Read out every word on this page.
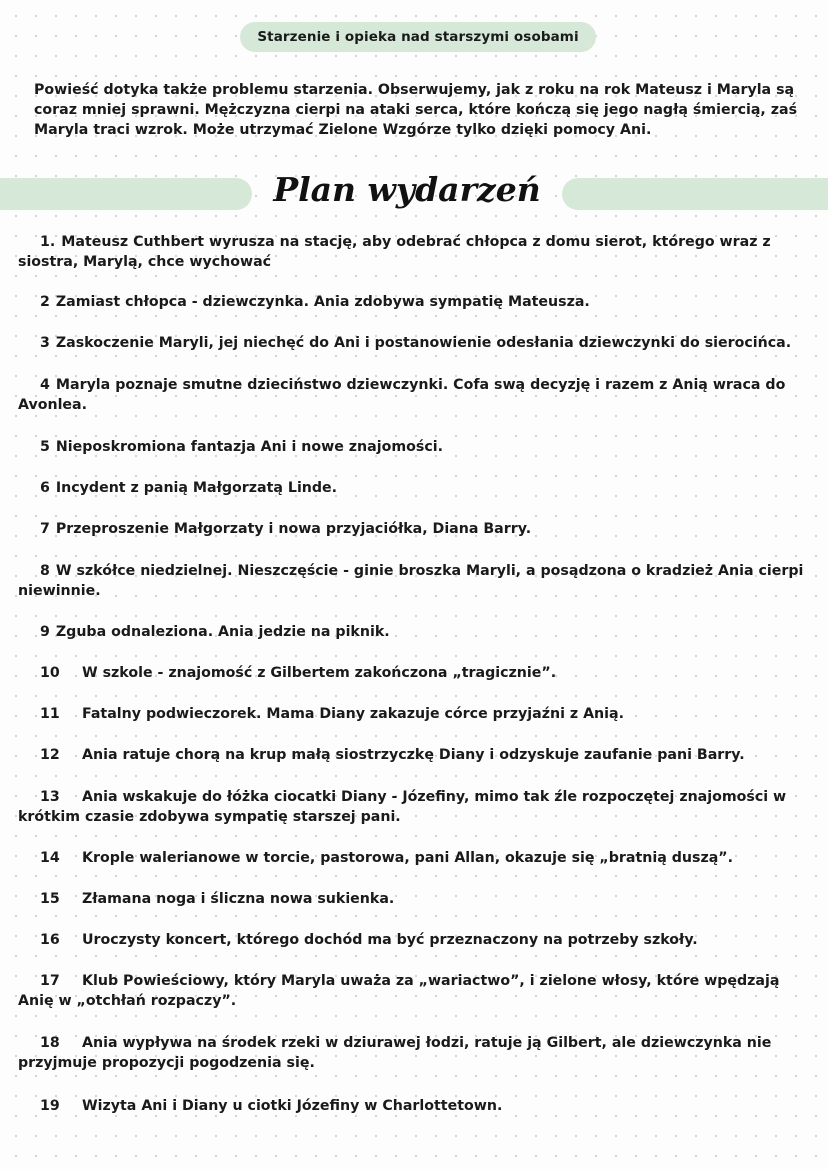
Starzenie i opieka nad starszymi osobami

Powieść dotyka także problemu starzenia. Obserwujemy, jak z roku na rok Mateusz i Maryla są coraz mniej sprawni. Mężczyzna cierpi na ataki serca, które kończą się jego nagłą śmiercią, zaś Maryla traci wzrok. Może utrzymać Zielone Wzgórze tylko dzięki pomocy Ani.

Plan wydarzeń
1. Mateusz Cuthbert wyrusza na stację, aby odebrać chłopca z domu sierot, którego wraz z siostra, Marylą, chce wychować
2 Zamiast chłopca - dziewczynka. Ania zdobywa sympatię Mateusza.
3 Zaskoczenie Maryli, jej niechęć do Ani i postanowienie odesłania dziewczynki do sierocińca.
4 Maryla poznaje smutne dzieciństwo dziewczynki. Cofa swą decyzję i razem z Anią wraca do Avonlea.
5 Nieposkromiona fantazja Ani i nowe znajomości.
6 Incydent z panią Małgorzatą Linde.
7 Przeproszenie Małgorzaty i nowa przyjaciółka, Diana Barry.
8 W szkółce niedzielnej. Nieszczęście - ginie broszka Maryli, a posądzona o kradzież Ania cierpi niewinnie.
9 Zguba odnaleziona. Ania jedzie na piknik.
10 W szkole - znajomość z Gilbertem zakończona „tragicznie”.
11 Fatalny podwieczorek. Mama Diany zakazuje córce przyjaźni z Anią.
12 Ania ratuje chorą na krup małą siostrzyczkę Diany i odzyskuje zaufanie pani Barry.
13 Ania wskakuje do łóżka ciocatki Diany - Józefiny, mimo tak źle rozpoczętej znajomości w krótkim czasie zdobywa sympatię starszej pani.
14 Krople walerianowe w torcie, pastorowa, pani Allan, okazuje się „bratnią duszą”.
15 Złamana noga i śliczna nowa sukienka.
16 Uroczysty koncert, którego dochód ma być przeznaczony na potrzeby szkoły.
17 Klub Powieściowy, który Maryla uważa za „wariactwo”, i zielone włosy, które wpędzają Anię w „otchłań rozpaczy”.
18 Ania wypływa na środek rzeki w dziurawej łodzi, ratuje ją Gilbert, ale dziewczynka nie przyjmuje propozycji pogodzenia się.
19 Wizyta Ani i Diany u ciotki Józefiny w Charlottetown.
